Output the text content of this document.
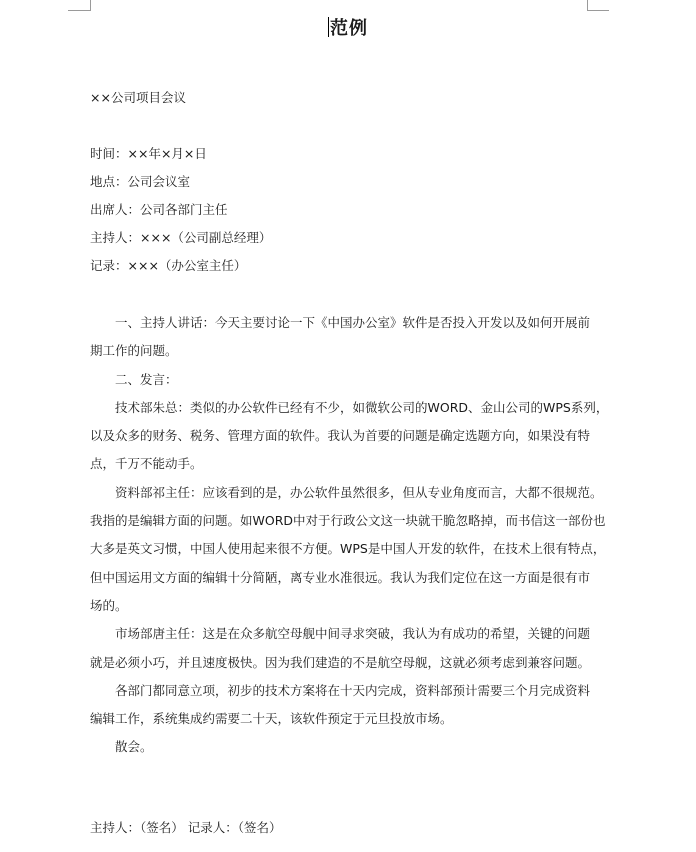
范例
××公司项目会议
时间：××年×月×日
地点：公司会议室
出席人：公司各部门主任
主持人：×××（公司副总经理）
记录：×××（办公室主任）
一、主持人讲话：今天主要讨论一下《中国办公室》软件是否投入开发以及如何开展前
期工作的问题。
二、发言：
技术部朱总：类似的办公软件已经有不少，如微软公司的WORD、金山公司的WPS系列，
以及众多的财务、税务、管理方面的软件。我认为首要的问题是确定选题方向，如果没有特
点，千万不能动手。
资料部祁主任：应该看到的是，办公软件虽然很多，但从专业角度而言，大都不很规范。
我指的是编辑方面的问题。如WORD中对于行政公文这一块就干脆忽略掉，而书信这一部份也
大多是英文习惯，中国人使用起来很不方便。WPS是中国人开发的软件，在技术上很有特点，
但中国运用文方面的编辑十分简陋，离专业水准很远。我认为我们定位在这一方面是很有市
场的。
市场部唐主任：这是在众多航空母舰中间寻求突破，我认为有成功的希望，关键的问题
就是必须小巧，并且速度极快。因为我们建造的不是航空母舰，这就必须考虑到兼容问题。
各部门都同意立项，初步的技术方案将在十天内完成，资料部预计需要三个月完成资料
编辑工作，系统集成约需要二十天，该软件预定于元旦投放市场。
散会。
主持人：（签名） 记录人：（签名）
